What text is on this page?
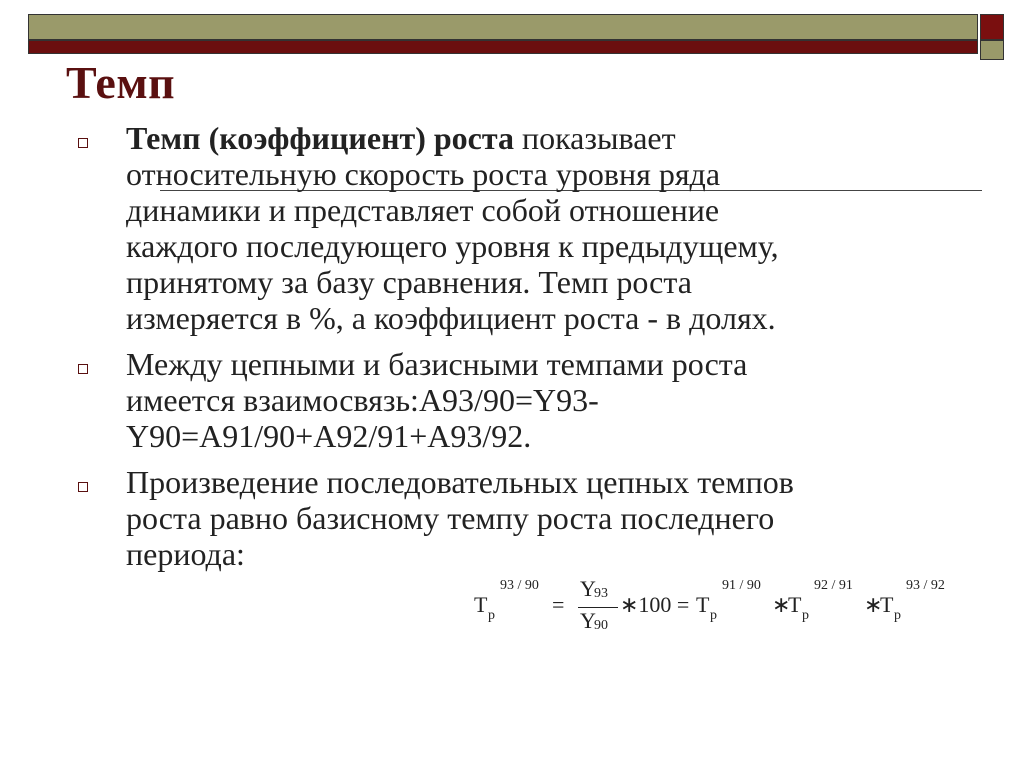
Темп
Темп (коэффициент) роста показывает
относительную скорость роста уровня ряда
динамики и представляет собой отношение
каждого последующего уровня к предыдущему,
принятому за базу сравнения. Темп роста
измеряется в %, а коэффициент роста - в долях.
Между цепными и базисными темпами роста
имеется взаимосвязь:А93/90=Y93-
Y90=A91/90+A92/91+A93/92.
Произведение последовательных цепных темпов
роста равно базисному темпу роста последнего
периода:
T p
93 / 90
=
Y
93
Y
90
∗100 = T p
91 / 90
∗
T p
92 / 91
∗
T p
93 / 92
